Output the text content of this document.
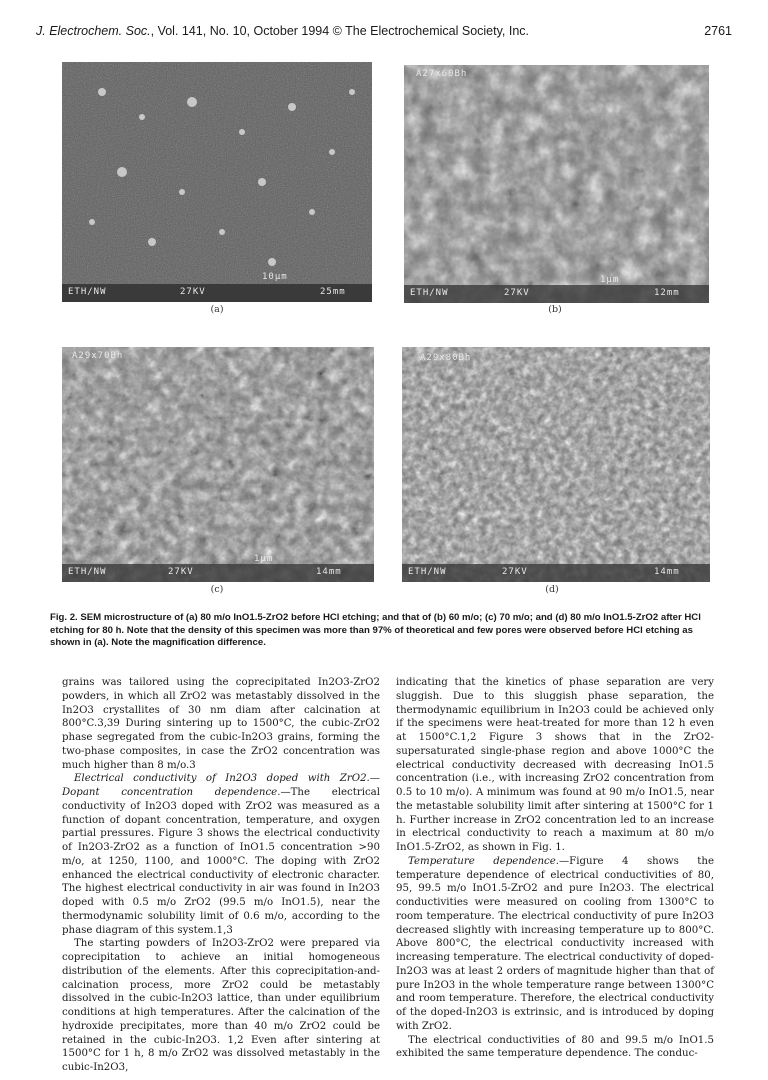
J. Electrochem. Soc., Vol. 141, No. 10, October 1994 © The Electrochemical Society, Inc.	2761
ETH/NW	27KV
10µm
25mm
(a)
A27x60Bh
ETH/NW	27KV
1µm
12mm
(b)
A29x70Bh
ETH/NW	27KV
1µm
14mm
(c)
A29x80Bh
ETH/NW	27KV	14mm
(d)
Fig. 2. SEM microstructure of (a) 80 m/o InO1.5-ZrO2 before HCl etching; and that of (b) 60 m/o; (c) 70 m/o; and (d) 80 m/o InO1.5-ZrO2 after HCl etching for 80 h. Note that the density of this specimen was more than 97% of theoretical and few pores were observed before HCl etching as shown in (a). Note the magnification difference.

grains was tailored using the coprecipitated In2O3-ZrO2 powders, in which all ZrO2 was metastably dissolved in the In2O3 crystallites of 30 nm diam after calcination at 800°C.3,39 During sintering up to 1500°C, the cubic-ZrO2 phase segregated from the cubic-In2O3 grains, forming the two-phase composites, in case the ZrO2 concentration was much higher than 8 m/o.3

Electrical conductivity of In2O3 doped with ZrO2.—Dopant concentration dependence.—The electrical conductivity of In2O3 doped with ZrO2 was measured as a function of dopant concentration, temperature, and oxygen partial pressures. Figure 3 shows the electrical conductivity of In2O3-ZrO2 as a function of InO1.5 concentration >90 m/o, at 1250, 1100, and 1000°C. The doping with ZrO2 enhanced the electrical conductivity of electronic character. The highest electrical conductivity in air was found in In2O3 doped with 0.5 m/o ZrO2 (99.5 m/o InO1.5), near the thermodynamic solubility limit of 0.6 m/o, according to the phase diagram of this system.1,3

The starting powders of In2O3-ZrO2 were prepared via coprecipitation to achieve an initial homogeneous distribution of the elements. After this coprecipitation-and-calcination process, more ZrO2 could be metastably dissolved in the cubic-In2O3 lattice, than under equilibrium conditions at high temperatures. After the calcination of the hydroxide precipitates, more than 40 m/o ZrO2 could be retained in the cubic-In2O3. 1,2 Even after sintering at 1500°C for 1 h, 8 m/o ZrO2 was dissolved metastably in the cubic-In2O3,

indicating that the kinetics of phase separation are very sluggish. Due to this sluggish phase separation, the thermodynamic equilibrium in In2O3 could be achieved only if the specimens were heat-treated for more than 12 h even at 1500°C.1,2 Figure 3 shows that in the ZrO2-supersaturated single-phase region and above 1000°C the electrical conductivity decreased with decreasing InO1.5 concentration (i.e., with increasing ZrO2 concentration from 0.5 to 10 m/o). A minimum was found at 90 m/o InO1.5, near the metastable solubility limit after sintering at 1500°C for 1 h. Further increase in ZrO2 concentration led to an increase in electrical conductivity to reach a maximum at 80 m/o InO1.5-ZrO2, as shown in Fig. 1.

Temperature dependence.—Figure 4 shows the temperature dependence of electrical conductivities of 80, 95, 99.5 m/o InO1.5-ZrO2 and pure In2O3. The electrical conductivities were measured on cooling from 1300°C to room temperature. The electrical conductivity of pure In2O3 decreased slightly with increasing temperature up to 800°C. Above 800°C, the electrical conductivity increased with increasing temperature. The electrical conductivity of doped-In2O3 was at least 2 orders of magnitude higher than that of pure In2O3 in the whole temperature range between 1300°C and room temperature. Therefore, the electrical conductivity of the doped-In2O3 is extrinsic, and is introduced by doping with ZrO2.

The electrical conductivities of 80 and 99.5 m/o InO1.5 exhibited the same temperature dependence. The conduc-
